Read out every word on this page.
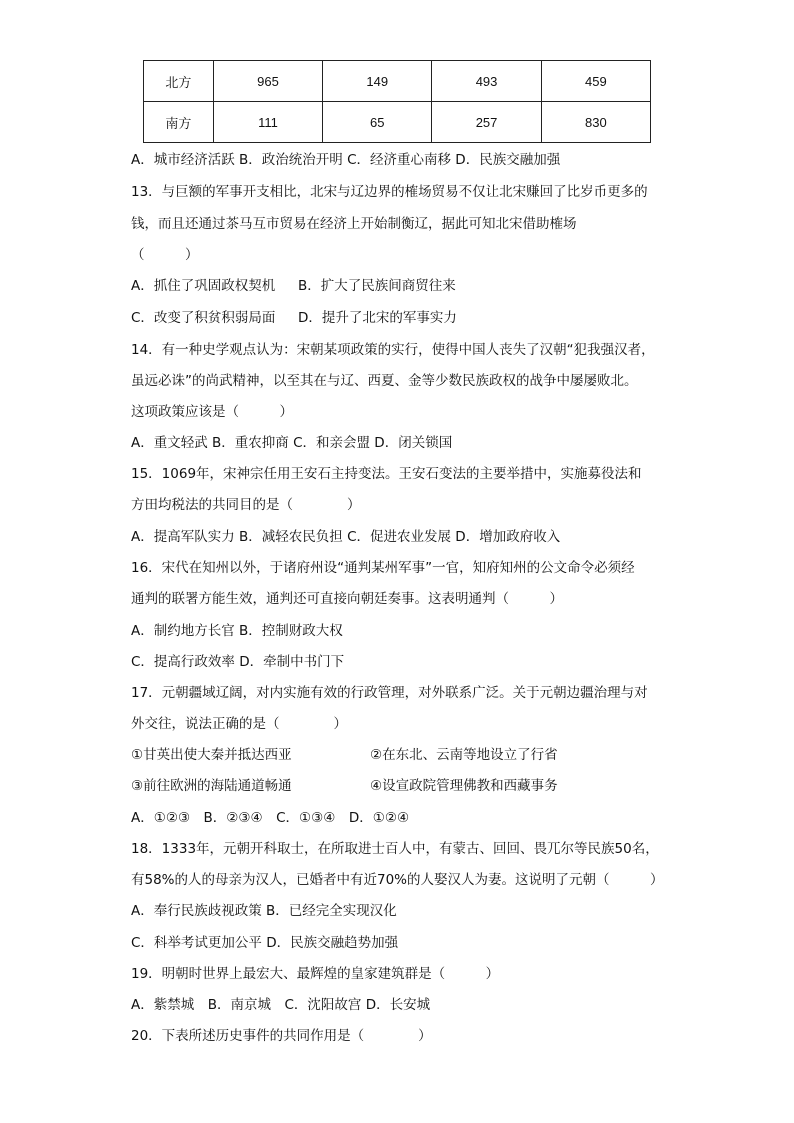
北方	965	149	493	459
南方	111	65	257	830
A．城市经济活跃 B．政治统治开明 C．经济重心南移 D．民族交融加强
13．与巨额的军事开支相比，北宋与辽边界的榷场贸易不仅让北宋赚回了比岁币更多的
钱，而且还通过茶马互市贸易在经济上开始制衡辽，据此可知北宋借助榷场
（　　　）
A．抓住了巩固政权契机 B．扩大了民族间商贸往来
C．改变了积贫积弱局面 D．提升了北宋的军事实力
14．有一种史学观点认为：宋朝某项政策的实行，使得中国人丧失了汉朝“犯我强汉者，
虽远必诛”的尚武精神，以至其在与辽、西夏、金等少数民族政权的战争中屡屡败北。
这项政策应该是（　　　）
A．重文轻武 B．重农抑商 C．和亲会盟 D．闭关锁国
15．1069年，宋神宗任用王安石主持变法。王安石变法的主要举措中，实施募役法和
方田均税法的共同目的是（　　　　）
A．提高军队实力 B．减轻农民负担 C．促进农业发展 D．增加政府收入
16．宋代在知州以外，于诸府州设“通判某州军事”一官，知府知州的公文命令必须经
通判的联署方能生效，通判还可直接向朝廷奏事。这表明通判（　　　）
A．制约地方长官 B．控制财政大权
C．提高行政效率 D．牵制中书门下
17．元朝疆域辽阔，对内实施有效的行政管理，对外联系广泛。关于元朝边疆治理与对
外交往，说法正确的是（　　　　）
①甘英出使大秦并抵达西亚	②在东北、云南等地设立了行省
③前往欧洲的海陆通道畅通	④设宣政院管理佛教和西藏事务
A．①②③　B．②③④　C．①③④　D．①②④
18．1333年，元朝开科取士，在所取进士百人中，有蒙古、回回、畏兀尔等民族50名，
有58%的人的母亲为汉人，已婚者中有近70%的人娶汉人为妻。这说明了元朝（　　　）
A．奉行民族歧视政策 B．已经完全实现汉化
C．科举考试更加公平 D．民族交融趋势加强
19．明朝时世界上最宏大、最辉煌的皇家建筑群是（　　　）
A．紫禁城　B．南京城　C．沈阳故宫 D．长安城
20．下表所述历史事件的共同作用是（　　　　）
